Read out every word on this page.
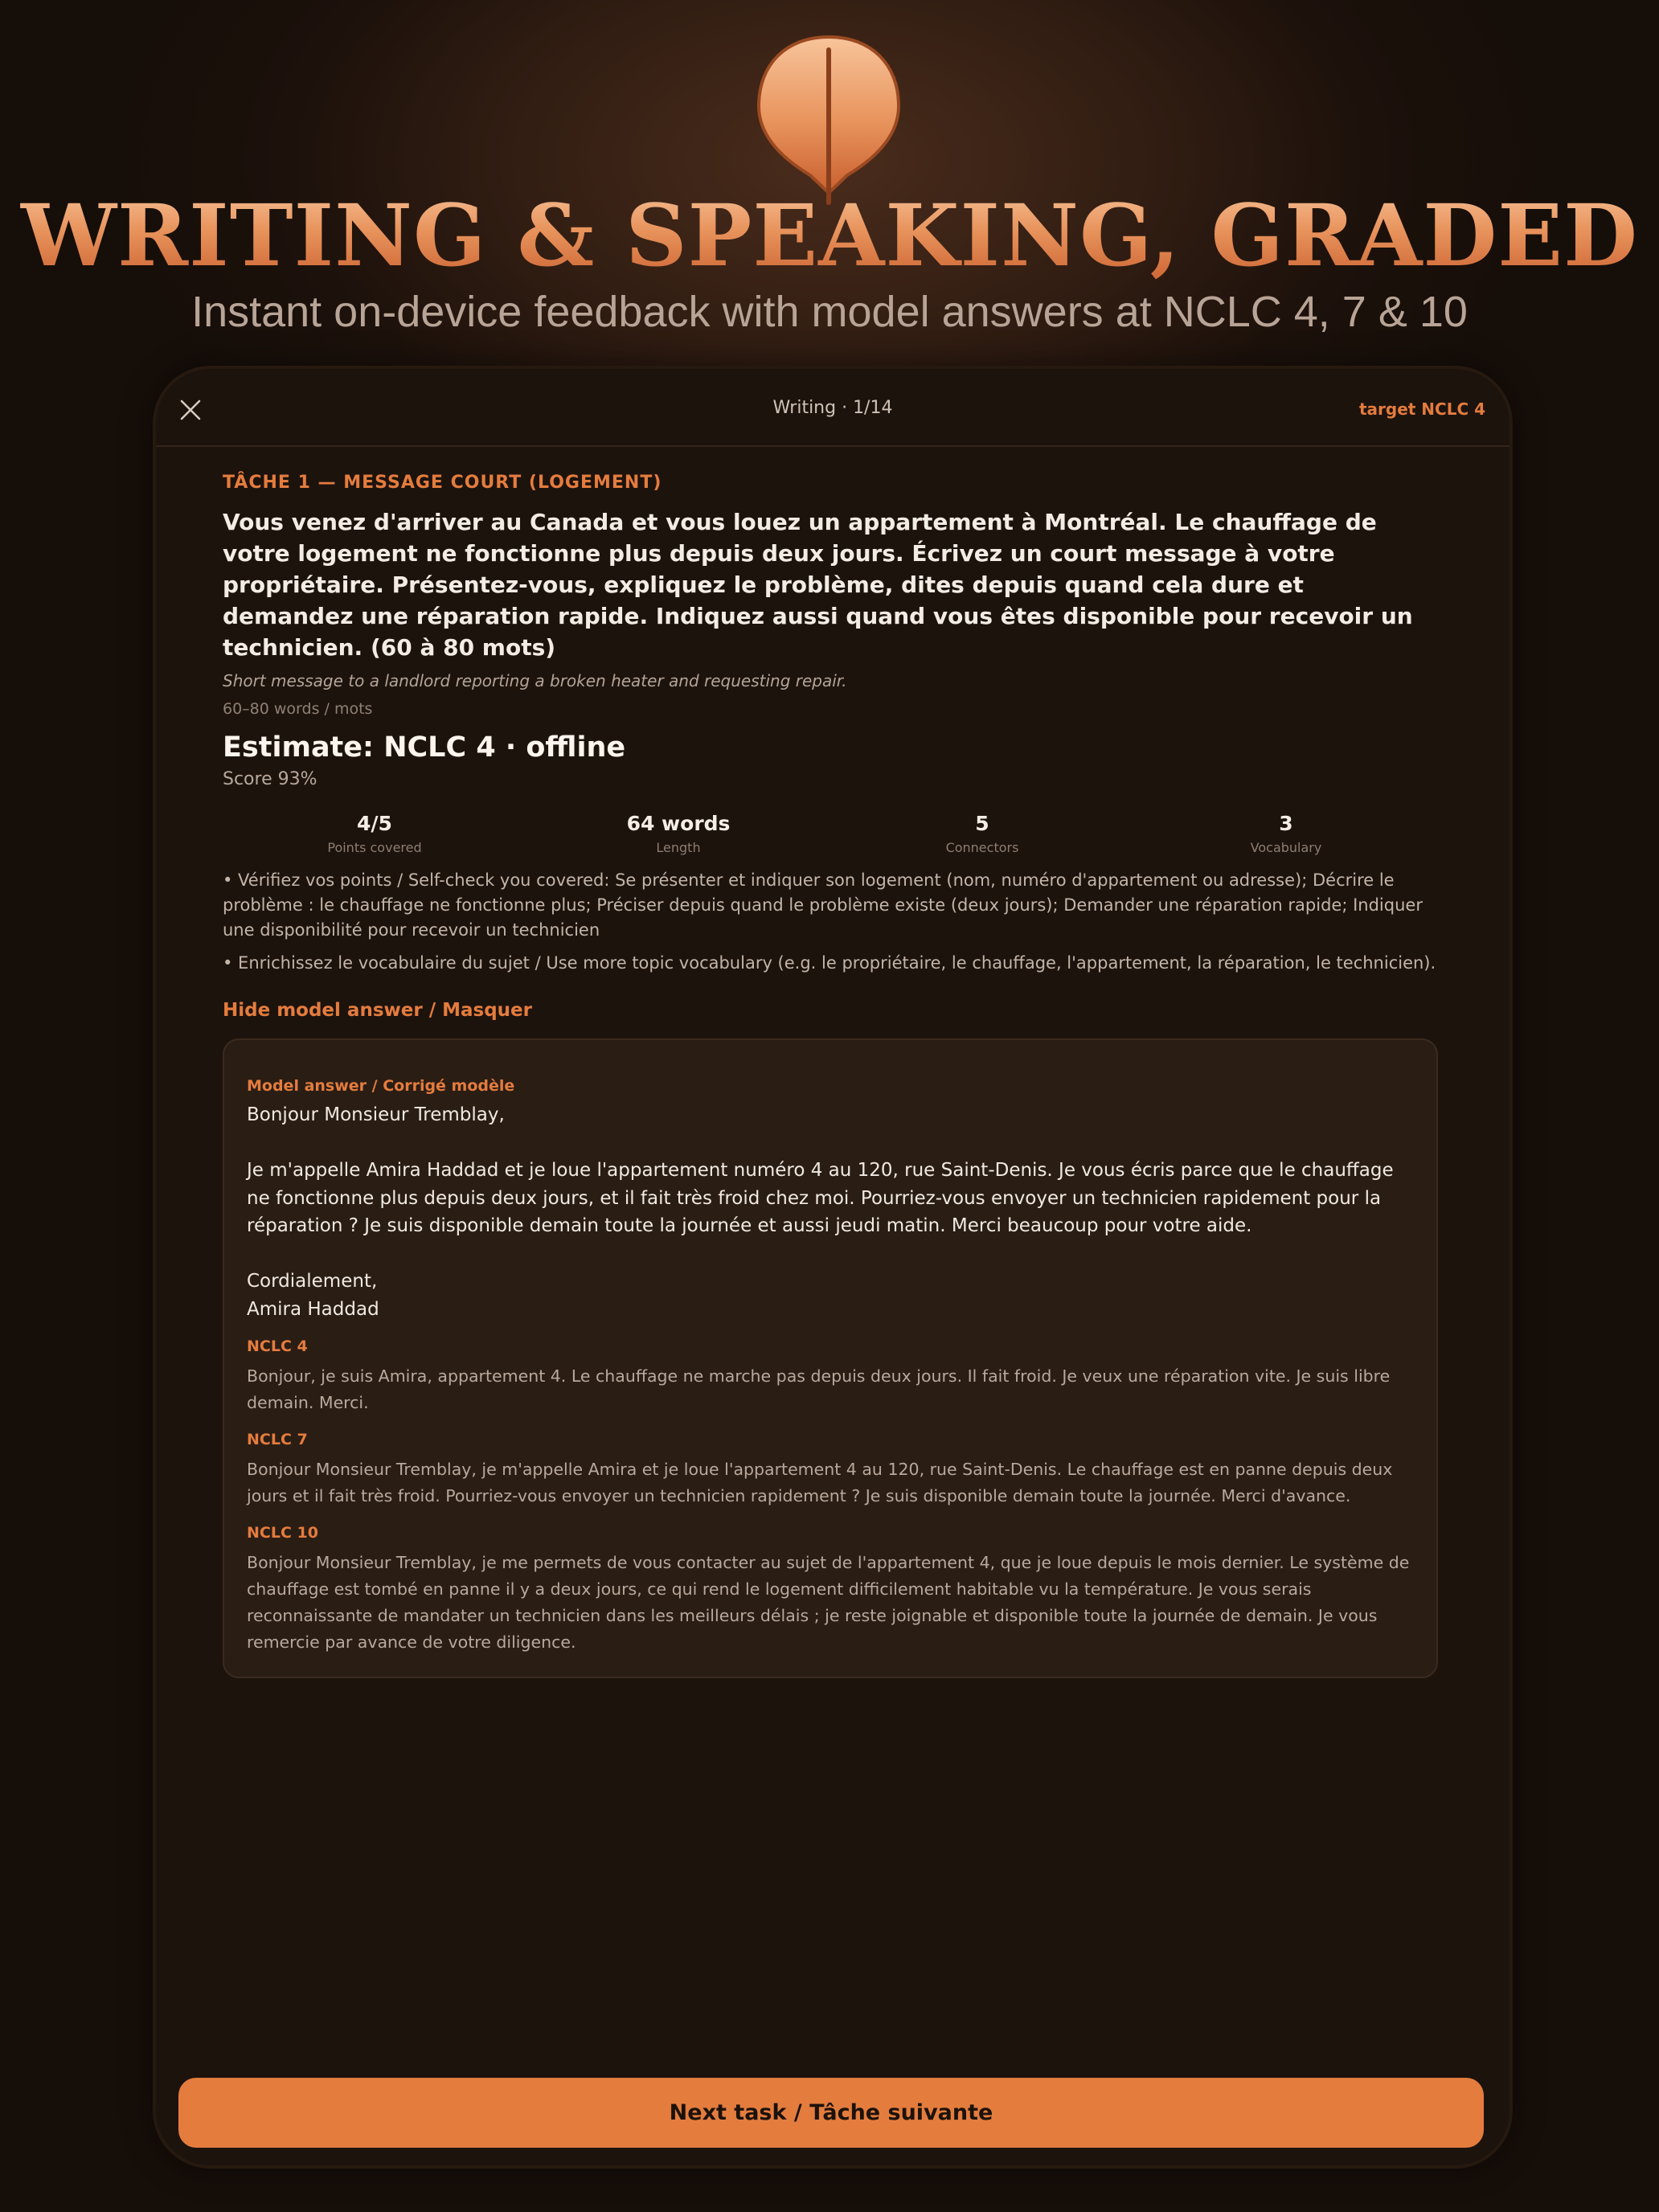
WRITING & SPEAKING, GRADED
Instant on-device feedback with model answers at NCLC 4, 7 & 10
Writing · 1/14	target NCLC 4
TÂCHE 1 — MESSAGE COURT (LOGEMENT)
Vous venez d'arriver au Canada et vous louez un appartement à Montréal. Le chauffage de votre logement ne fonctionne plus depuis deux jours. Écrivez un court message à votre propriétaire. Présentez-vous, expliquez le problème, dites depuis quand cela dure et demandez une réparation rapide. Indiquez aussi quand vous êtes disponible pour recevoir un technicien. (60 à 80 mots)
Short message to a landlord reporting a broken heater and requesting repair.
60–80 words / mots
Estimate: NCLC 4 · offline
Score 93%
4/5
Points covered
64 words
Length
5
Connectors
3
Vocabulary
• Vérifiez vos points / Self-check you covered: Se présenter et indiquer son logement (nom, numéro d'appartement ou adresse); Décrire le problème : le chauffage ne fonctionne plus; Préciser depuis quand le problème existe (deux jours); Demander une réparation rapide; Indiquer une disponibilité pour recevoir un technicien
• Enrichissez le vocabulaire du sujet / Use more topic vocabulary (e.g. le propriétaire, le chauffage, l'appartement, la réparation, le technicien).
Hide model answer / Masquer
Model answer / Corrigé modèle
Bonjour Monsieur Tremblay,

Je m'appelle Amira Haddad et je loue l'appartement numéro 4 au 120, rue Saint-Denis. Je vous écris parce que le chauffage ne fonctionne plus depuis deux jours, et il fait très froid chez moi. Pourriez-vous envoyer un technicien rapidement pour la réparation ? Je suis disponible demain toute la journée et aussi jeudi matin. Merci beaucoup pour votre aide.

Cordialement,
Amira Haddad
NCLC 4
Bonjour, je suis Amira, appartement 4. Le chauffage ne marche pas depuis deux jours. Il fait froid. Je veux une réparation vite. Je suis libre demain. Merci.
NCLC 7
Bonjour Monsieur Tremblay, je m'appelle Amira et je loue l'appartement 4 au 120, rue Saint-Denis. Le chauffage est en panne depuis deux jours et il fait très froid. Pourriez-vous envoyer un technicien rapidement ? Je suis disponible demain toute la journée. Merci d'avance.
NCLC 10
Bonjour Monsieur Tremblay, je me permets de vous contacter au sujet de l'appartement 4, que je loue depuis le mois dernier. Le système de chauffage est tombé en panne il y a deux jours, ce qui rend le logement difficilement habitable vu la température. Je vous serais reconnaissante de mandater un technicien dans les meilleurs délais ; je reste joignable et disponible toute la journée de demain. Je vous remercie par avance de votre diligence.
Next task / Tâche suivante
